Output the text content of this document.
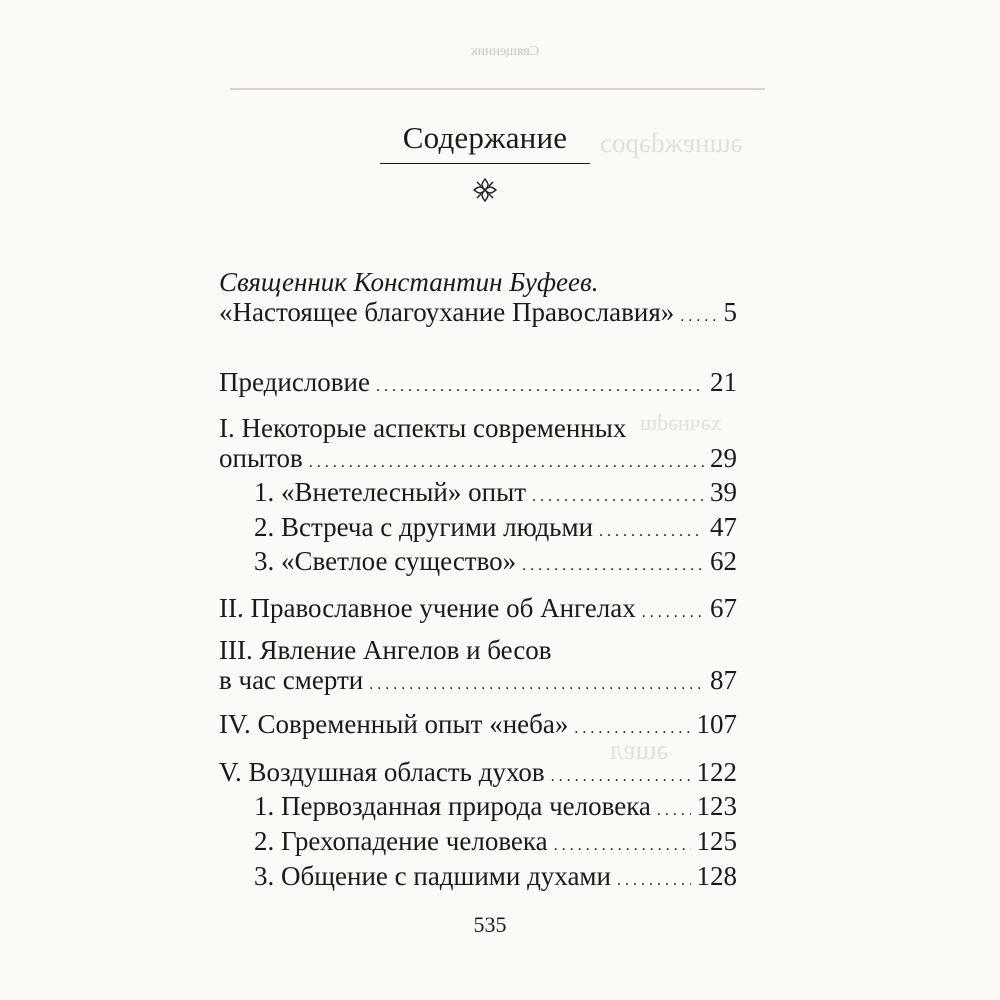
Священник
ǝɯнɐжdǝpоɔ
хǝчнǝdɯ
ǝɯɐл
Содержание
Священник Константин Буфеев.
«Настоящее благоухание Православия» . . . 5
Предисловие . . .	21
I. Некоторые аспекты современных
опытов . . .	29
1. «Внетелесный» опыт . . .	39
2. Встреча с другими людьми . . .	47
3. «Светлое существо» . . .	62
II. Православное учение об Ангелах . . .	67
III. Явление Ангелов и бесов
в час смерти . . .	87
IV. Современный опыт «неба» . . .	107
V. Воздушная область духов . . .	122
1. Первозданная природа человека . . . 123
2. Грехопадение человека . . .	125
3. Общение с падшими духами . . .	128
535
